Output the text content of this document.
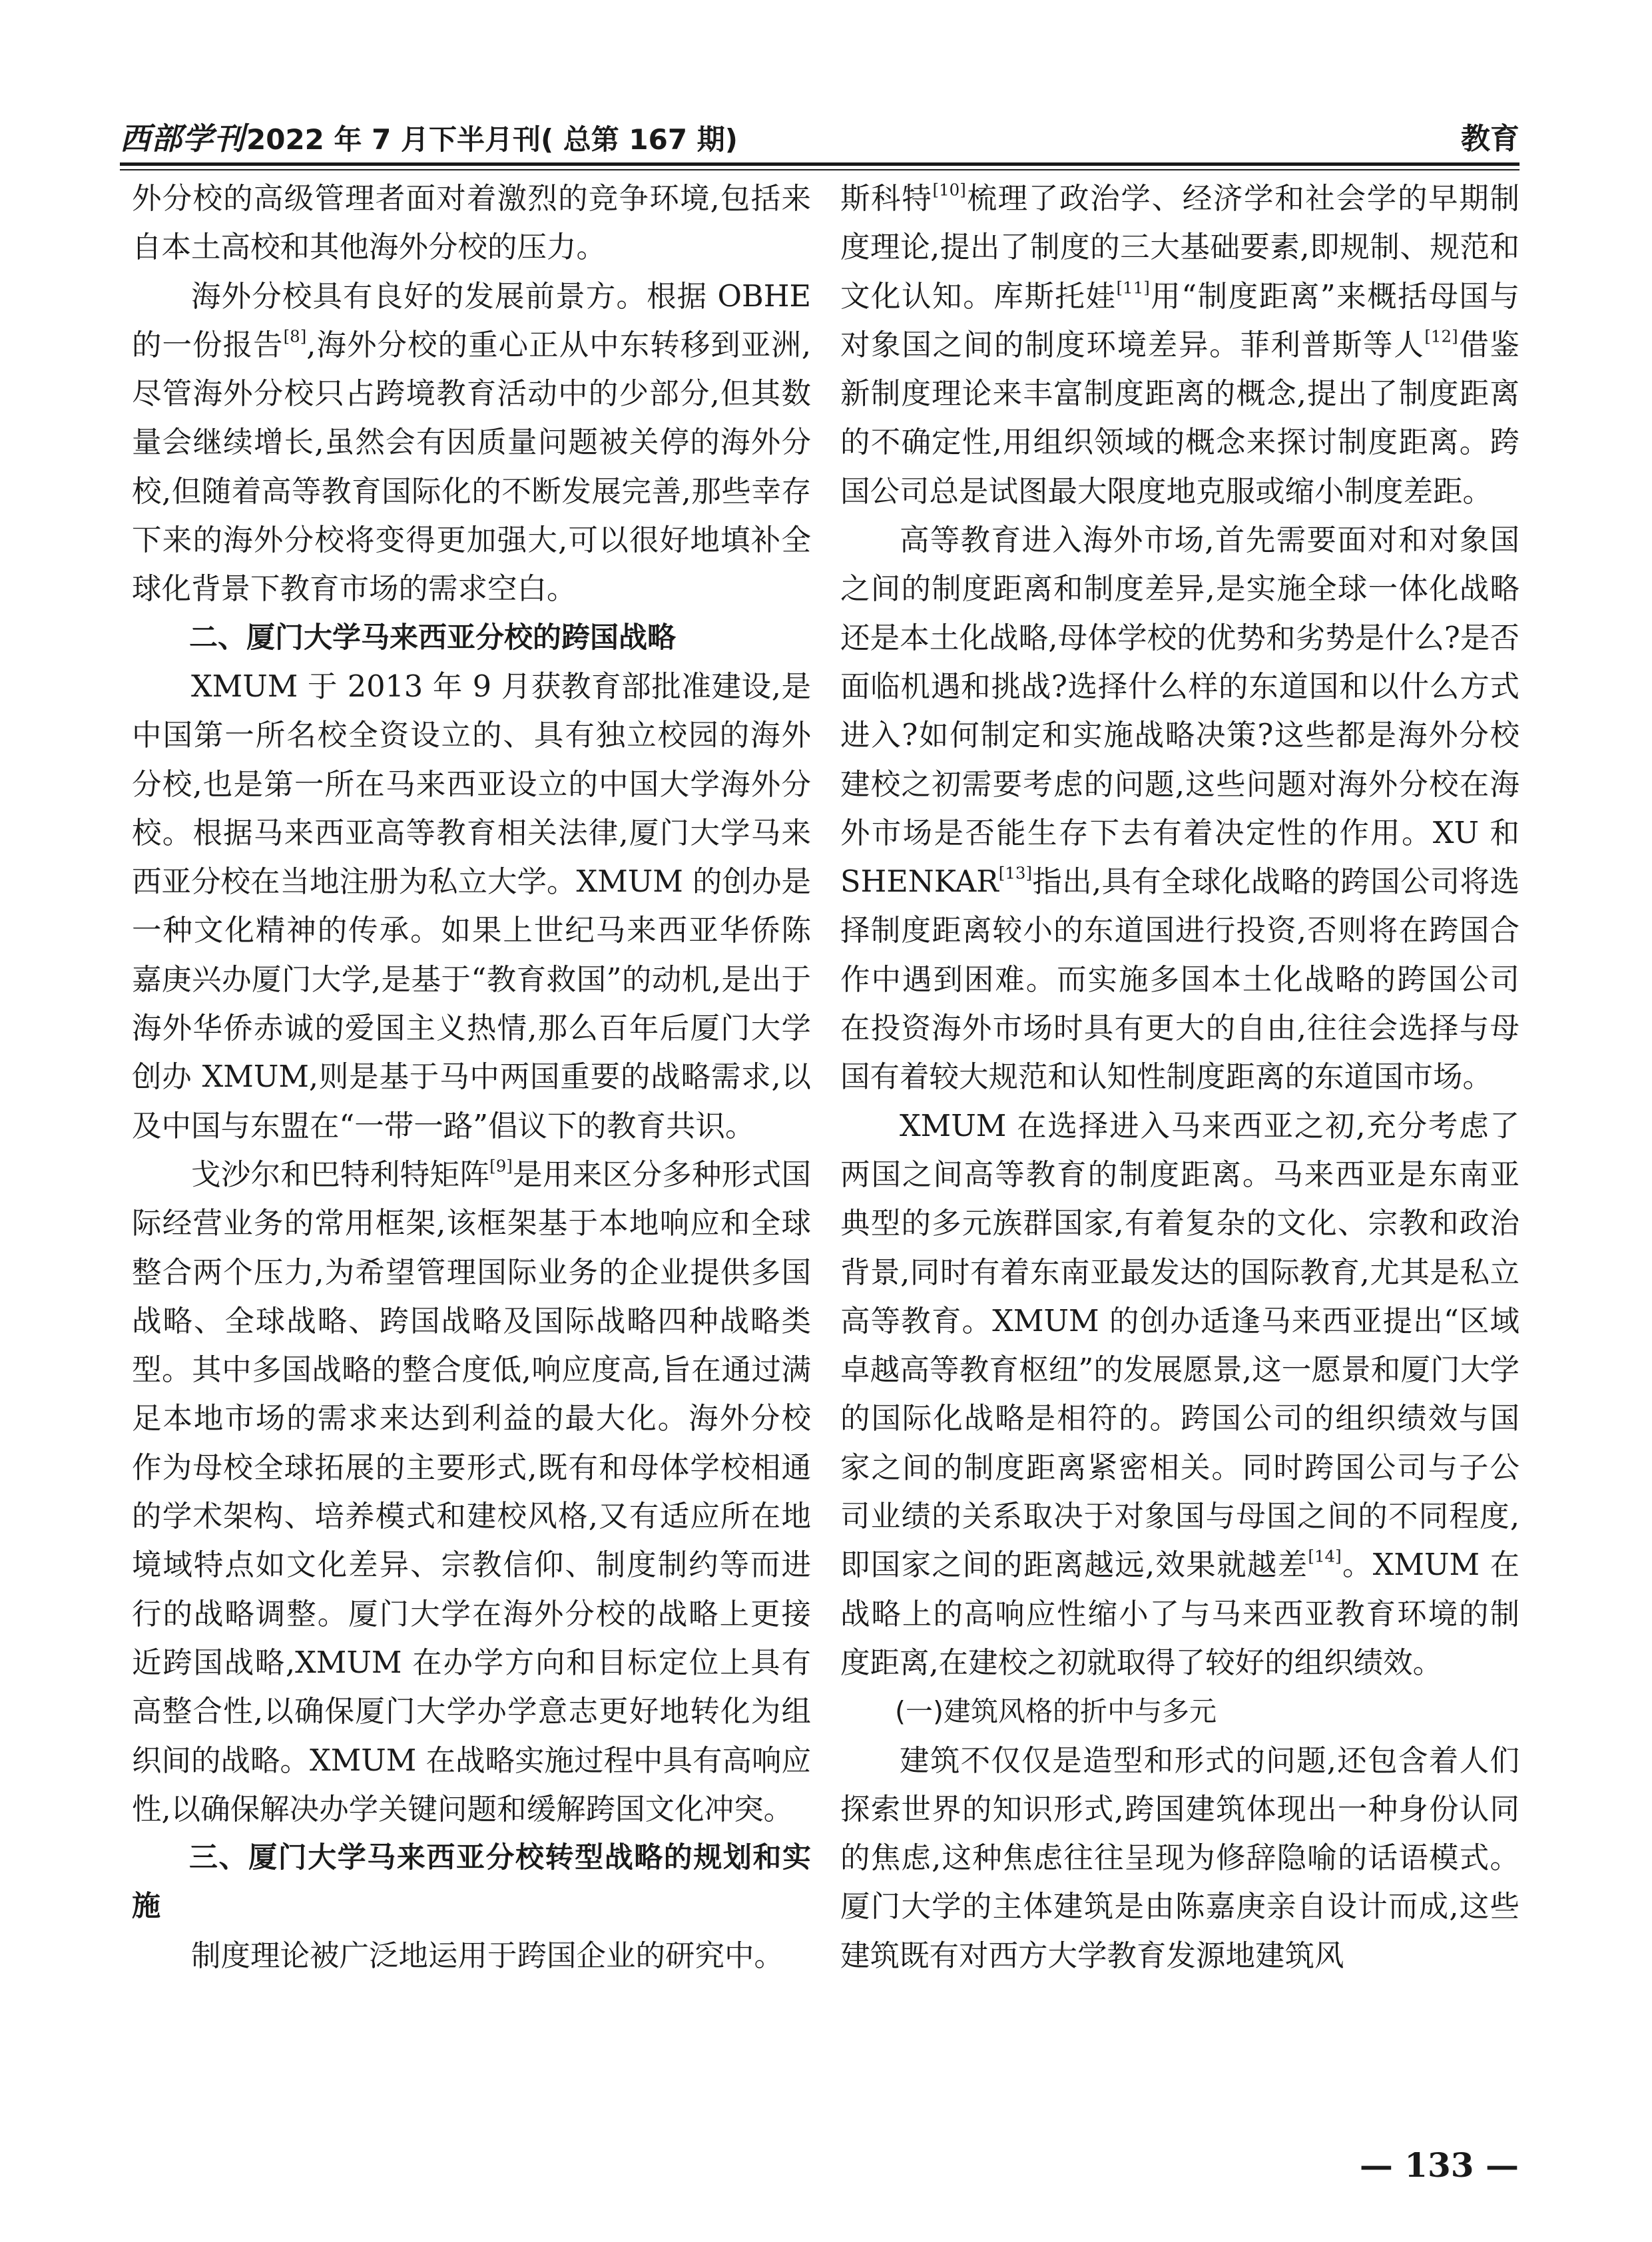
西部学刊 2022 年 7 月下半月刊( 总第 167 期)	教育

外分校的高级管理者面对着激烈的竞争环境,包括来自本土高校和其他海外分校的压力。

海外分校具有良好的发展前景方。根据 OBHE 的一份报告[8],海外分校的重心正从中东转移到亚洲,尽管海外分校只占跨境教育活动中的少部分,但其数量会继续增长,虽然会有因质量问题被关停的海外分校,但随着高等教育国际化的不断发展完善,那些幸存下来的海外分校将变得更加强大,可以很好地填补全球化背景下教育市场的需求空白。

二、厦门大学马来西亚分校的跨国战略

XMUM 于 2013 年 9 月获教育部批准建设,是中国第一所名校全资设立的、具有独立校园的海外分校,也是第一所在马来西亚设立的中国大学海外分校。根据马来西亚高等教育相关法律,厦门大学马来西亚分校在当地注册为私立大学。XMUM 的创办是一种文化精神的传承。如果上世纪马来西亚华侨陈嘉庚兴办厦门大学,是基于“教育救国”的动机,是出于海外华侨赤诚的爱国主义热情,那么百年后厦门大学创办 XMUM,则是基于马中两国重要的战略需求,以及中国与东盟在“一带一路”倡议下的教育共识。

戈沙尔和巴特利特矩阵[9]是用来区分多种形式国际经营业务的常用框架,该框架基于本地响应和全球整合两个压力,为希望管理国际业务的企业提供多国战略、全球战略、跨国战略及国际战略四种战略类型。其中多国战略的整合度低,响应度高,旨在通过满足本地市场的需求来达到利益的最大化。海外分校作为母校全球拓展的主要形式,既有和母体学校相通的学术架构、培养模式和建校风格,又有适应所在地境域特点如文化差异、宗教信仰、制度制约等而进行的战略调整。厦门大学在海外分校的战略上更接近跨国战略,XMUM 在办学方向和目标定位上具有高整合性,以确保厦门大学办学意志更好地转化为组织间的战略。XMUM 在战略实施过程中具有高响应性,以确保解决办学关键问题和缓解跨国文化冲突。

三、厦门大学马来西亚分校转型战略的规划和实施

制度理论被广泛地运用于跨国企业的研究中。

斯科特[10]梳理了政治学、经济学和社会学的早期制度理论,提出了制度的三大基础要素,即规制、规范和文化认知。库斯托娃[11]用“制度距离”来概括母国与对象国之间的制度环境差异。菲利普斯等人[12]借鉴新制度理论来丰富制度距离的概念,提出了制度距离的不确定性,用组织领域的概念来探讨制度距离。跨国公司总是试图最大限度地克服或缩小制度差距。

高等教育进入海外市场,首先需要面对和对象国之间的制度距离和制度差异,是实施全球一体化战略还是本土化战略,母体学校的优势和劣势是什么?是否面临机遇和挑战?选择什么样的东道国和以什么方式进入?如何制定和实施战略决策?这些都是海外分校建校之初需要考虑的问题,这些问题对海外分校在海外市场是否能生存下去有着决定性的作用。XU 和 SHENKAR[13]指出,具有全球化战略的跨国公司将选择制度距离较小的东道国进行投资,否则将在跨国合作中遇到困难。而实施多国本土化战略的跨国公司在投资海外市场时具有更大的自由,往往会选择与母国有着较大规范和认知性制度距离的东道国市场。

XMUM 在选择进入马来西亚之初,充分考虑了两国之间高等教育的制度距离。马来西亚是东南亚典型的多元族群国家,有着复杂的文化、宗教和政治背景,同时有着东南亚最发达的国际教育,尤其是私立高等教育。XMUM 的创办适逢马来西亚提出“区域卓越高等教育枢纽”的发展愿景,这一愿景和厦门大学的国际化战略是相符的。跨国公司的组织绩效与国家之间的制度距离紧密相关。同时跨国公司与子公司业绩的关系取决于对象国与母国之间的不同程度,即国家之间的距离越远,效果就越差[14]。XMUM 在战略上的高响应性缩小了与马来西亚教育环境的制度距离,在建校之初就取得了较好的组织绩效。

(一)建筑风格的折中与多元

建筑不仅仅是造型和形式的问题,还包含着人们探索世界的知识形式,跨国建筑体现出一种身份认同的焦虑,这种焦虑往往呈现为修辞隐喻的话语模式。厦门大学的主体建筑是由陈嘉庚亲自设计而成,这些建筑既有对西方大学教育发源地建筑风

— 133 —
